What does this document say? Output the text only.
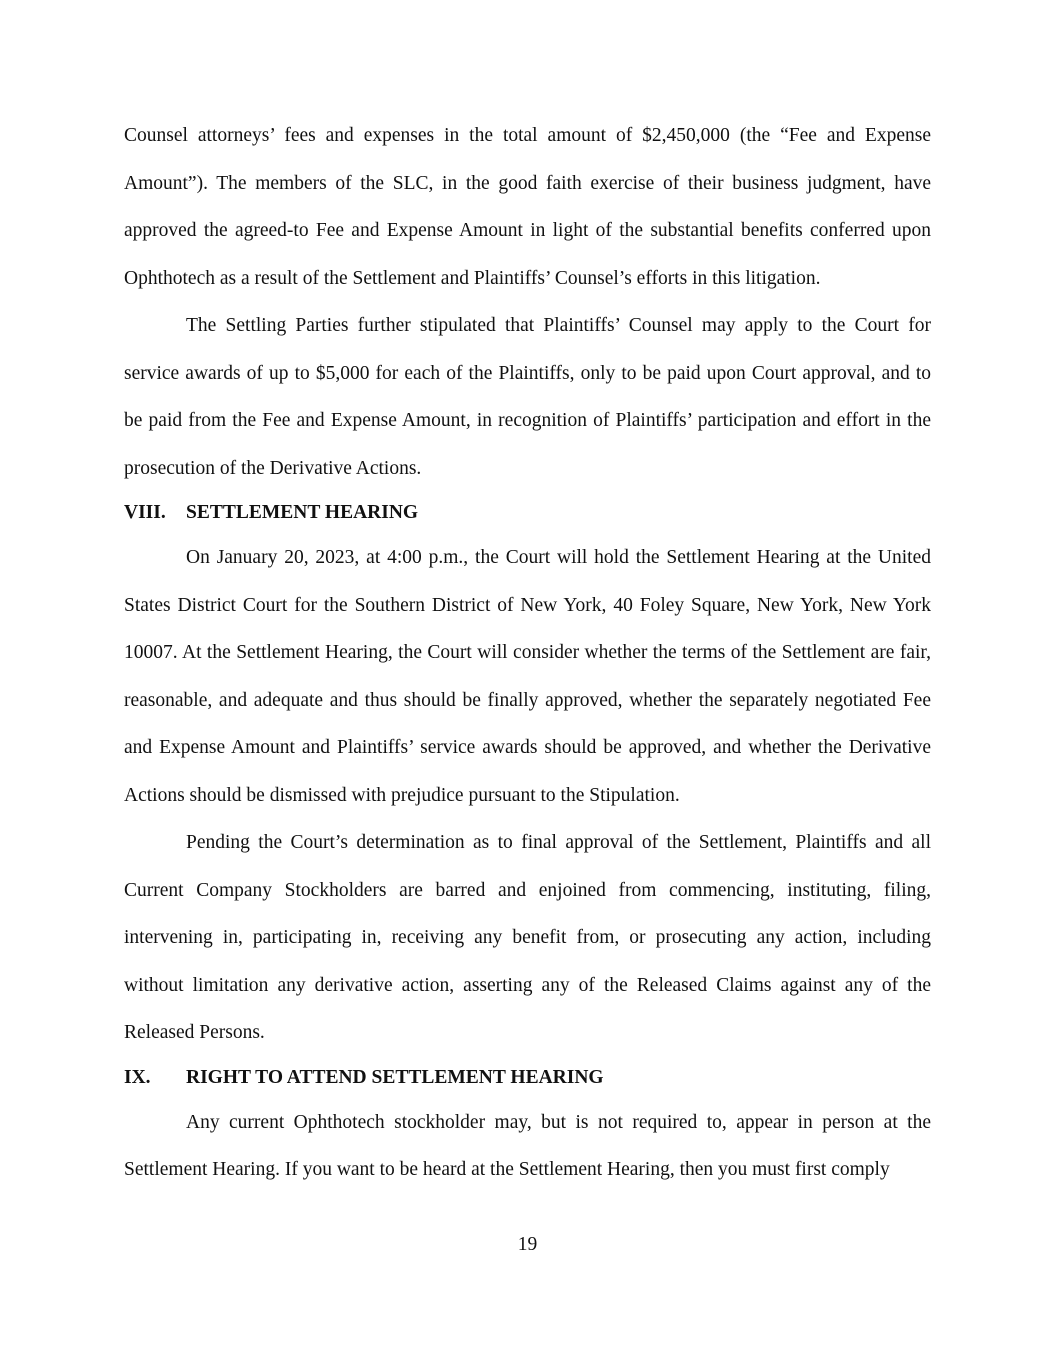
Counsel attorneys’ fees and expenses in the total amount of $2,450,000 (the “Fee and Expense Amount”). The members of the SLC, in the good faith exercise of their business judgment, have approved the agreed-to Fee and Expense Amount in light of the substantial benefits conferred upon Ophthotech as a result of the Settlement and Plaintiffs’ Counsel’s efforts in this litigation.

The Settling Parties further stipulated that Plaintiffs’ Counsel may apply to the Court for service awards of up to $5,000 for each of the Plaintiffs, only to be paid upon Court approval, and to be paid from the Fee and Expense Amount, in recognition of Plaintiffs’ participation and effort in the prosecution of the Derivative Actions.

VIII.	SETTLEMENT HEARING

On January 20, 2023, at 4:00 p.m., the Court will hold the Settlement Hearing at the United States District Court for the Southern District of New York, 40 Foley Square, New York, New York 10007. At the Settlement Hearing, the Court will consider whether the terms of the Settlement are fair, reasonable, and adequate and thus should be finally approved, whether the separately negotiated Fee and Expense Amount and Plaintiffs’ service awards should be approved, and whether the Derivative Actions should be dismissed with prejudice pursuant to the Stipulation.

Pending the Court’s determination as to final approval of the Settlement, Plaintiffs and all Current Company Stockholders are barred and enjoined from commencing, instituting, filing, intervening in, participating in, receiving any benefit from, or prosecuting any action, including without limitation any derivative action, asserting any of the Released Claims against any of the Released Persons.

IX.	RIGHT TO ATTEND SETTLEMENT HEARING

Any current Ophthotech stockholder may, but is not required to, appear in person at the Settlement Hearing. If you want to be heard at the Settlement Hearing, then you must first comply

19
